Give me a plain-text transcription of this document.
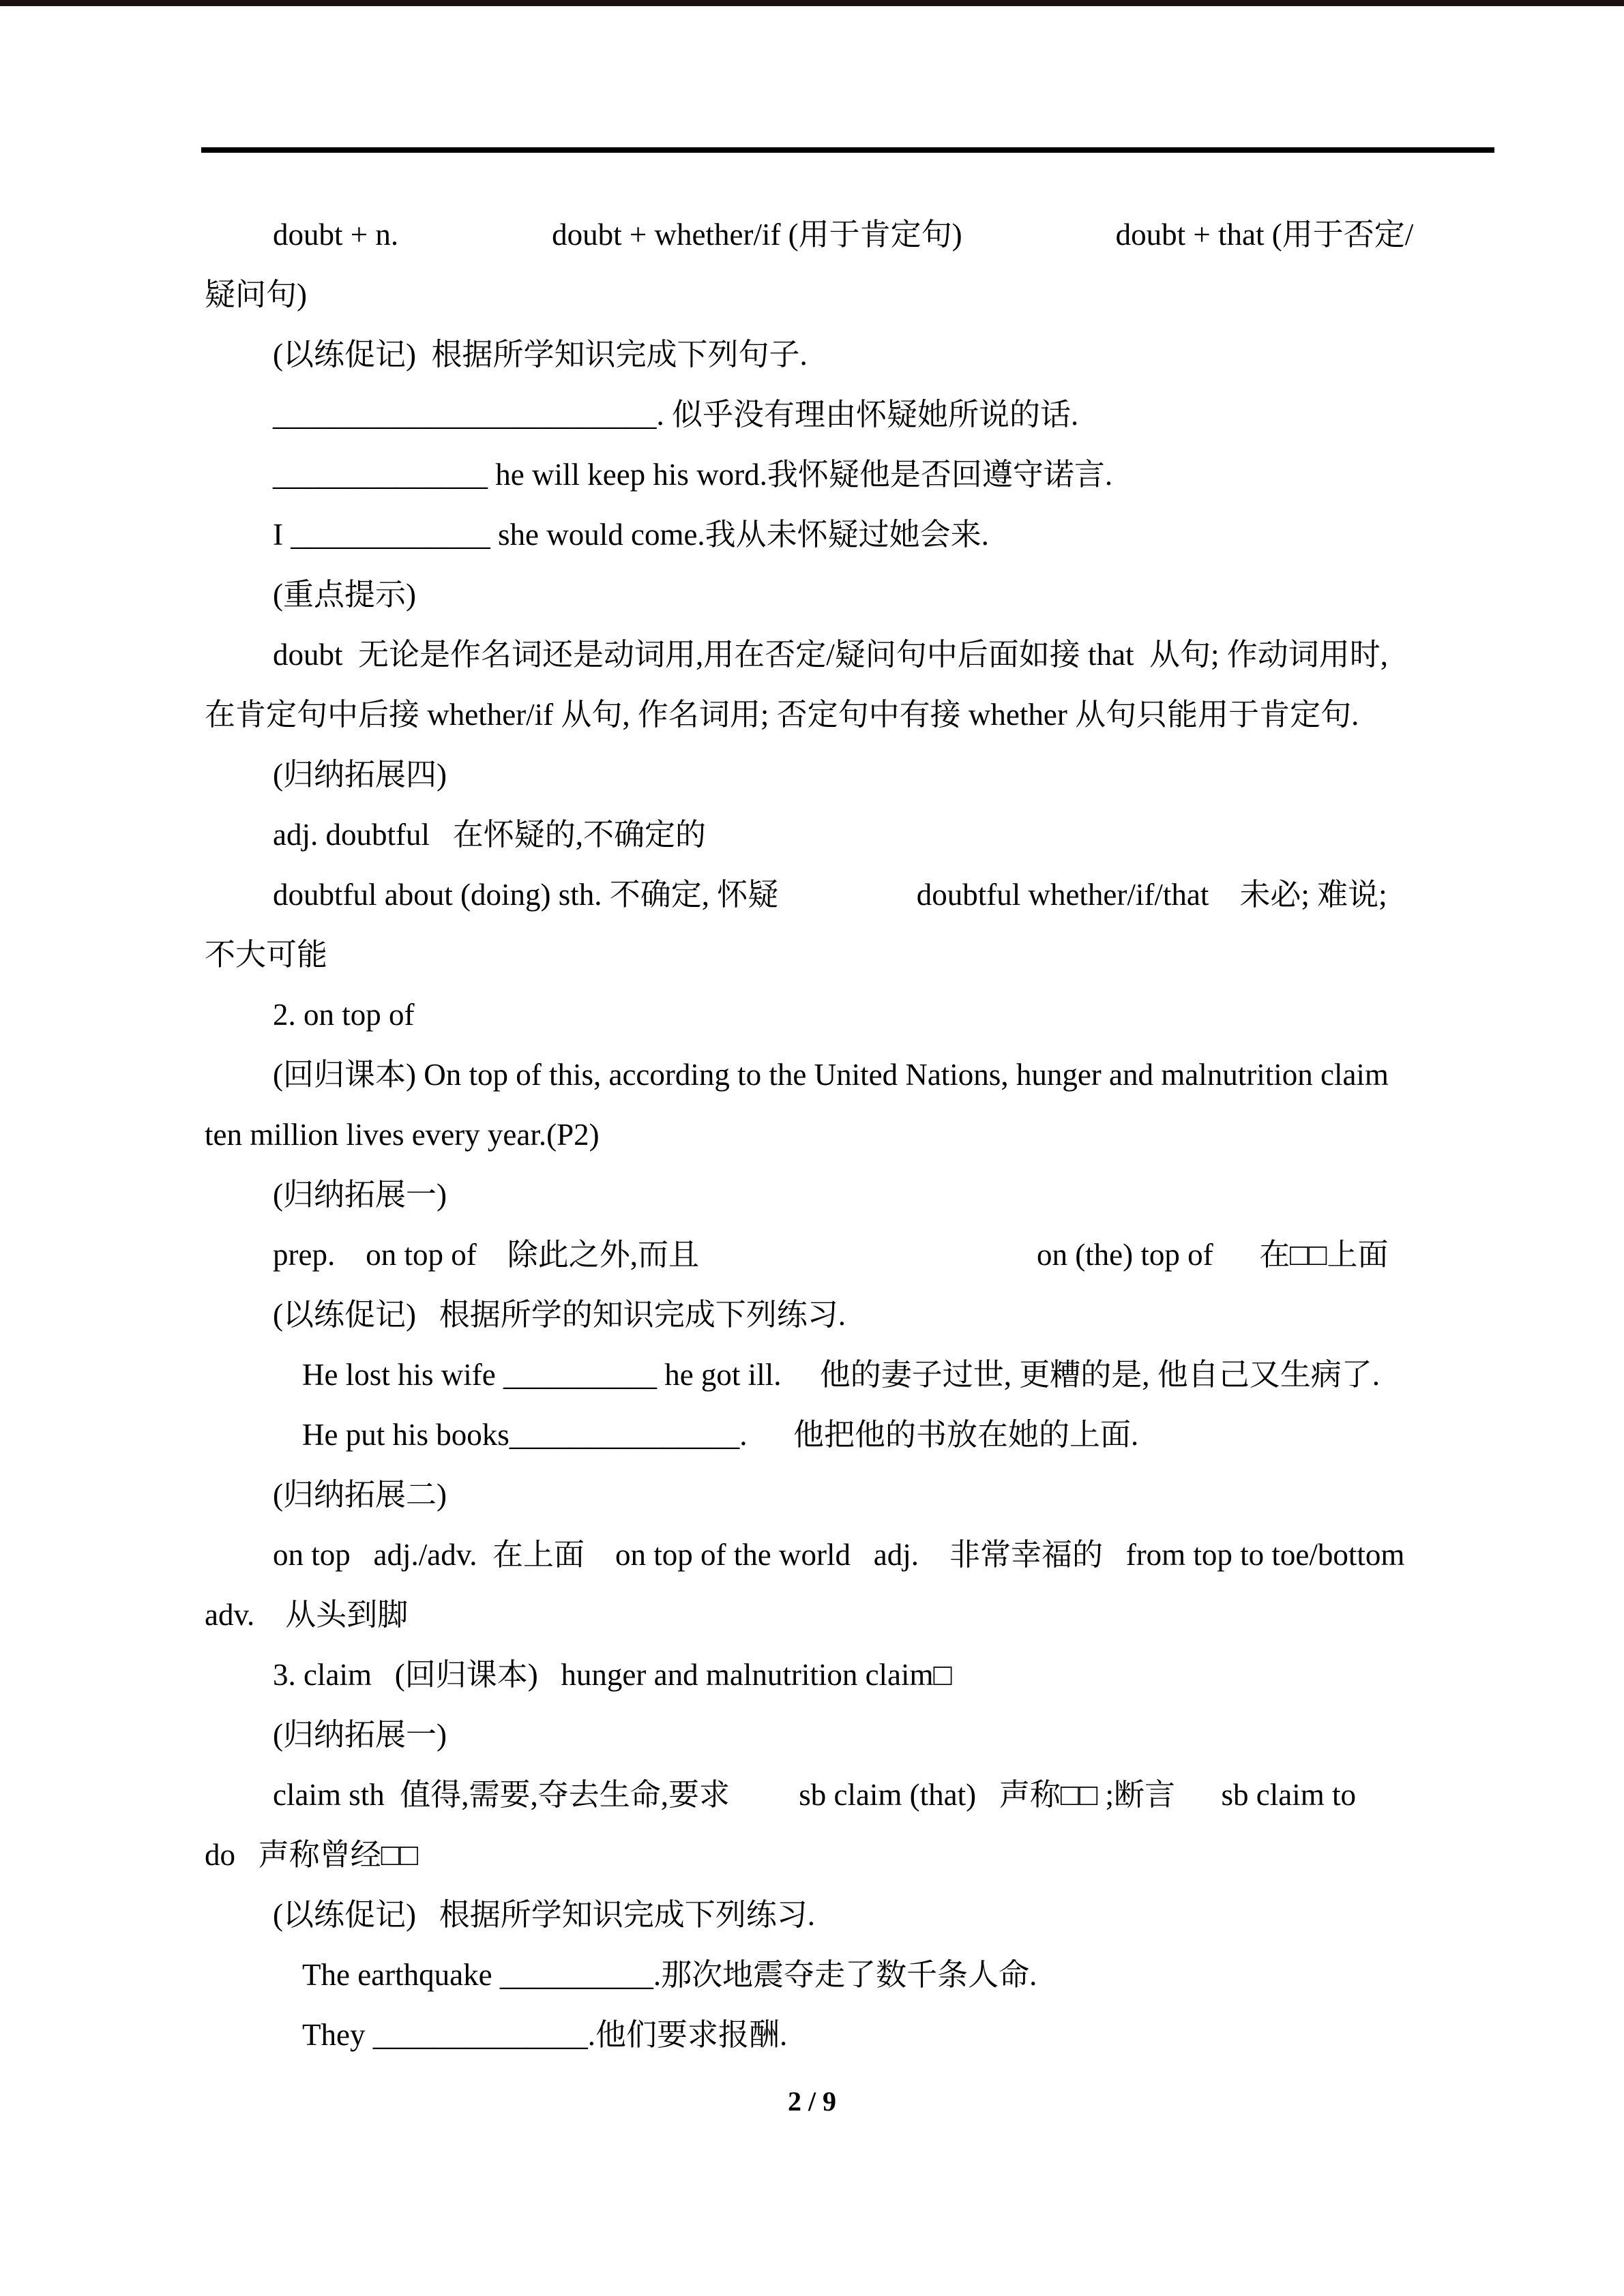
doubt + n.                    doubt + whether/if (用于肯定句)                    doubt + that (用于否定/
疑问句)
(以练促记)  根据所学知识完成下列句子.
_________________________. 似乎没有理由怀疑她所说的话.
______________ he will keep his word.我怀疑他是否回遵守诺言.
I _____________ she would come.我从未怀疑过她会来.
(重点提示)
doubt  无论是作名词还是动词用,用在否定/疑问句中后面如接 that  从句; 作动词用时,
在肯定句中后接 whether/if 从句, 作名词用; 否定句中有接 whether 从句只能用于肯定句.
(归纳拓展四)
adj. doubtful   在怀疑的,不确定的
doubtful about (doing) sth. 不确定, 怀疑                  doubtful whether/if/that    未必; 难说;
不大可能
2. on top of
(回归课本) On top of this, according to the United Nations, hunger and malnutrition claim
ten million lives every year.(P2)
(归纳拓展一)
prep.    on top of    除此之外,而且                                            on (the) top of      在□□上面
(以练促记)   根据所学的知识完成下列练习.
He lost his wife __________ he got ill.     他的妻子过世, 更糟的是, 他自己又生病了.
He put his books_______________.      他把他的书放在她的上面.
(归纳拓展二)
on top   adj./adv.  在上面    on top of the world   adj.    非常幸福的   from top to toe/bottom
adv.    从头到脚
3. claim   (回归课本)   hunger and malnutrition claim□
(归纳拓展一)
claim sth  值得,需要,夺去生命,要求         sb claim (that)   声称□□ ;断言      sb claim to
do   声称曾经□□
(以练促记)   根据所学知识完成下列练习.
The earthquake __________.那次地震夺走了数千条人命.
They ______________.他们要求报酬.
2 / 9
